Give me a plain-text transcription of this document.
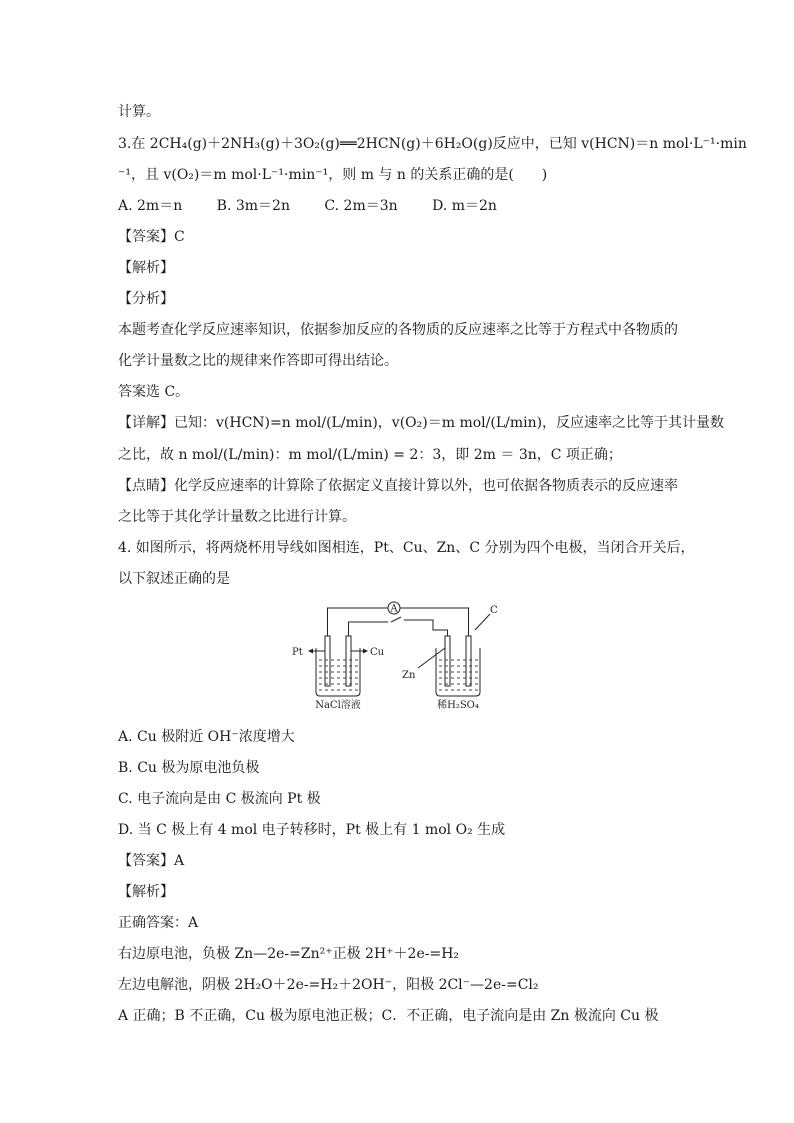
计算。
3.在 2CH₄(g)＋2NH₃(g)＋3O₂(g)══2HCN(g)＋6H₂O(g)反应中，已知 v(HCN)＝n mol·L⁻¹·min
⁻¹，且 v(O₂)＝m mol·L⁻¹·min⁻¹，则 m 与 n 的关系正确的是(　　)
A. 2m＝n B. 3m＝2n C. 2m＝3n D. m＝2n
【答案】C
【解析】
【分析】
本题考查化学反应速率知识，依据参加反应的各物质的反应速率之比等于方程式中各物质的
化学计量数之比的规律来作答即可得出结论。
答案选 C。
【详解】已知：v(HCN)=n mol/(L/min)，v(O₂)＝m mol/(L/min)，反应速率之比等于其计量数
之比，故 n mol/(L/min)：m mol/(L/min) = 2：3，即 2m ＝ 3n，C 项正确；
【点睛】化学反应速率的计算除了依据定义直接计算以外，也可依据各物质表示的反应速率
之比等于其化学计量数之比进行计算。
4. 如图所示，将两烧杯用导线如图相连，Pt、Cu、Zn、C 分别为四个电极，当闭合开关后，
以下叙述正确的是
A
Pt	Cu
Zn
C
NaCl溶液	稀H₂SO₄
A. Cu 极附近 OH⁻浓度增大
B. Cu 极为原电池负极
C. 电子流向是由 C 极流向 Pt 极
D. 当 C 极上有 4 mol 电子转移时，Pt 极上有 1 mol O₂ 生成
【答案】A
【解析】
正确答案：A
右边原电池，负极 Zn—2e-=Zn²⁺正极 2H⁺＋2e-=H₂
左边电解池，阴极 2H₂O＋2e-=H₂＋2OH⁻，阳极 2Cl⁻—2e-=Cl₂
A 正确；B 不正确，Cu 极为原电池正极；C．不正确，电子流向是由 Zn 极流向 Cu 极
